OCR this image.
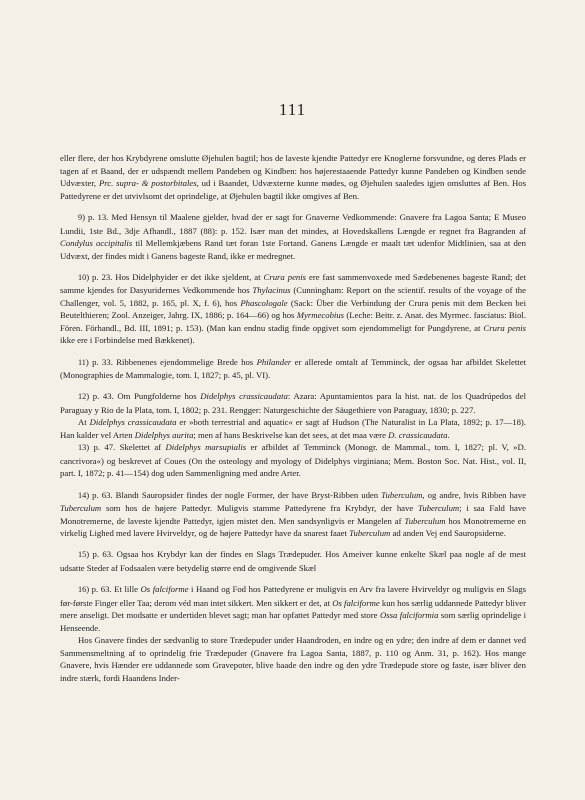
111

eller flere, der hos Krybdyrene omslutte Øjehulen bagtil; hos de laveste kjendte Pattedyr ere Knoglerne forsvundne, og deres Plads er tagen af et Baand, der er udspændt mellem Pandeben og Kindben: hos højerestaaende Pattedyr kunne Pandeben og Kindben sende Udvæxter, Prc. supra- & postorbitales, ud i Baandet, Udvæxterne kunne mødes, og Øjehulen saaledes igjen omsluttes af Ben. Hos Pattedyrene er det utvivlsomt det oprindelige, at Øjehulen bagtil ikke omgives af Ben.

9) p. 13. Med Hensyn til Maalene gjelder, hvad der er sagt for Gnaverne Vedkommende: Gnavere fra Lagoa Santa; E Museo Lundii, 1ste Bd., 3dje Afhandl., 1887 (88): p. 152. Især man det mindes, at Hovedskallens Længde er regnet fra Bagranden af Condylus occipitalis til Mellemkjæbens Rand tæt foran 1ste Fortand. Ganens Længde er maalt tæt udenfor Midtlinien, saa at den Udvæxt, der findes midt i Ganens bageste Rand, ikke er medregnet.

10) p. 23. Hos Didelphyider er det ikke sjeldent, at Crura penis ere fast sammenvoxede med Sædebenenes bageste Rand; det samme kjendes for Dasyuridernes Vedkommende hos Thylacinus (Cunningham: Report on the scientif. results of the voyage of the Challenger, vol. 5, 1882, p. 165, pl. X, f. 6), hos Phascologale (Sack: Über die Verbindung der Crura penis mit dem Becken bei Beutelthieren; Zool. Anzeiger, Jahrg. IX, 1886; p. 164—66) og hos Myrmecobius (Leche: Beitr. z. Anat. des Myrmec. fasciatus: Biol. Fören. Förhandl., Bd. III, 1891; p. 153). (Man kan endnu stadig finde opgivet som ejendommeligt for Pungdyrene, at Crura penis ikke ere i Forbindelse med Bækkenet).

11) p. 33. Ribbenenes ejendommelige Brede hos Philander er allerede omtalt af Temminck, der ogsaa har afbildet Skelettet (Monographies de Mammalogie, tom. I, 1827; p. 45, pl. VI).

12) p. 43. Om Pungfolderne hos Didelphys crassicaudata: Azara: Apuntamientos para la hist. nat. de los Quadrúpedos del Paraguay y Rio de la Plata, tom. I, 1802; p. 231. Rengger: Naturgeschichte der Säugethiere von Paraguay, 1830; p. 227.

At Didelphys crassicaudata er »both terrestrial and aquatic« er sagt af Hudson (The Naturalist in La Plata, 1892; p. 17—18). Han kalder vel Arten Didelphys aurita; men af hans Beskrivelse kan det sees, at det maa være D. crassicaudata.

13) p. 47. Skelettet af Didelphys marsupialis er afbildet af Temminck (Monogr. de Mammal., tom. I, 1827; pl. V, »D. cancrivora«) og beskrevet af Coues (On the osteology and myology of Didelphys virginiana; Mem. Boston Soc. Nat. Hist., vol. II, part. I, 1872; p. 41—154) dog uden Sammenligning med andre Arter.

14) p. 63. Blandt Sauropsider findes der nogle Former, der have Bryst-Ribben uden Tuberculum, og andre, hvis Ribben have Tuberculum som hos de højere Pattedyr. Muligvis stamme Pattedyrene fra Krybdyr, der have Tuberculum; i saa Fald have Monotremerne, de laveste kjendte Pattedyr, igjen mistet den. Men sandsynligvis er Mangelen af Tuberculum hos Monotremerne en virkelig Lighed med lavere Hvirveldyr, og de højere Pattedyr have da snarest faaet Tuberculum ad anden Vej end Sauropsiderne.

15) p. 63. Ogsaa hos Krybdyr kan der findes en Slags Trædepuder. Hos Ameiver kunne enkelte Skæl paa nogle af de mest udsatte Steder af Fodsaalen være betydelig større end de omgivende Skæl

16) p. 63. Et lille Os falciforme i Haand og Fod hos Pattedyrene er muligvis en Arv fra lavere Hvirveldyr og muligvis en Slags før-første Finger eller Taa; derom véd man intet sikkert. Men sikkert er det, at Os falciforme kun hos særlig uddannede Pattedyr bliver mere anseligt. Det modsatte er undertiden blevet sagt; man har opfattet Pattedyr med store Ossa falciformia som særlig oprindelige i Henseende.

Hos Gnavere findes der sædvanlig to store Trædepuder under Haandroden, en indre og en ydre; den indre af dem er dannet ved Sammensmeltning af to oprindelig frie Trædepuder (Gnavere fra Lagoa Santa, 1887, p. 110 og Anm. 31, p. 162). Hos mange Gnavere, hvis Hænder ere uddannede som Gravepoter, blive baade den indre og den ydre Trædepude store og faste, især bliver den indre stærk, fordi Haandens Inder-
